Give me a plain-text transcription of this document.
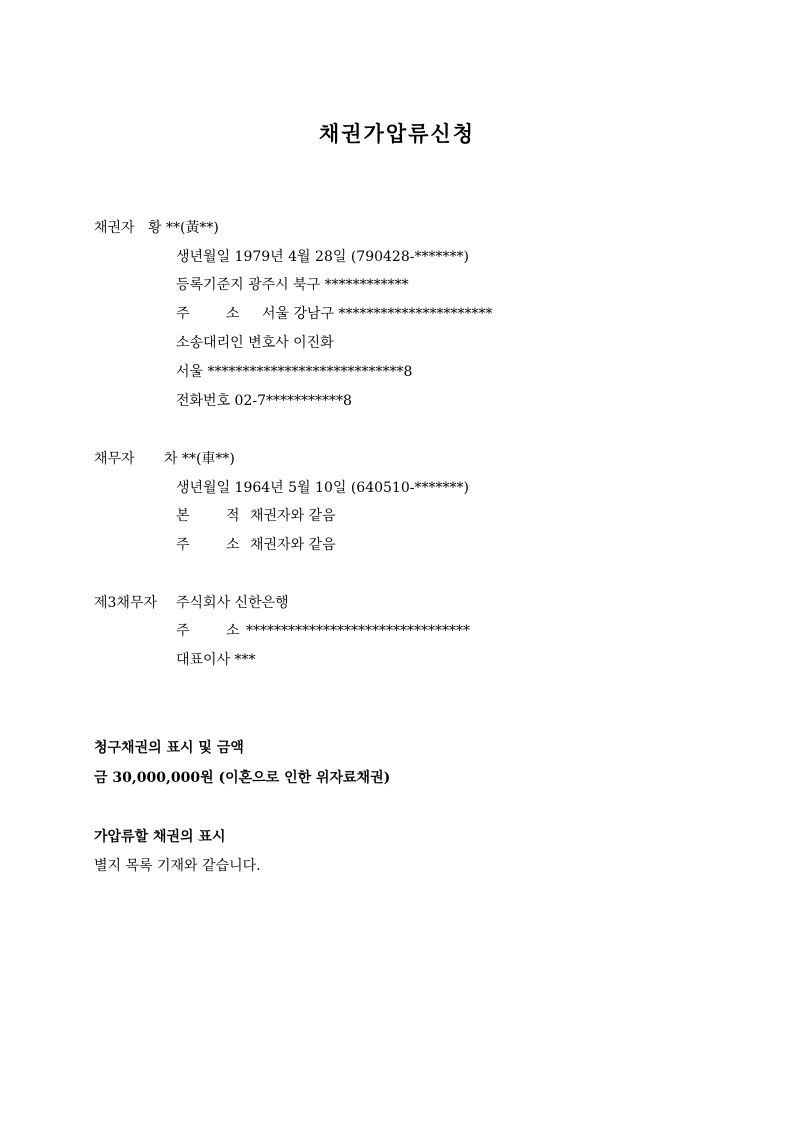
채권가압류신청
채권자 황 **(黃**)
생년월일 1979년 4월 28일 (790428-*******)
등록기준지 광주시 북구 ************
주	소 서울 강남구 **********************
소송대리인 변호사 이진화
서울 ****************************8
전화번호 02-7***********8
채무자 차 **(車**)
생년월일 1964년 5월 10일 (640510-*******)
본	적 채권자와 같음
주	소 채권자와 같음
제3채무자 주식회사 신한은행
주	소 ********************************
대표이사 ***
청구채권의 표시 및 금액
금 30,000,000원 (이혼으로 인한 위자료채권)
가압류할 채권의 표시
별지 목록 기재와 같습니다.
